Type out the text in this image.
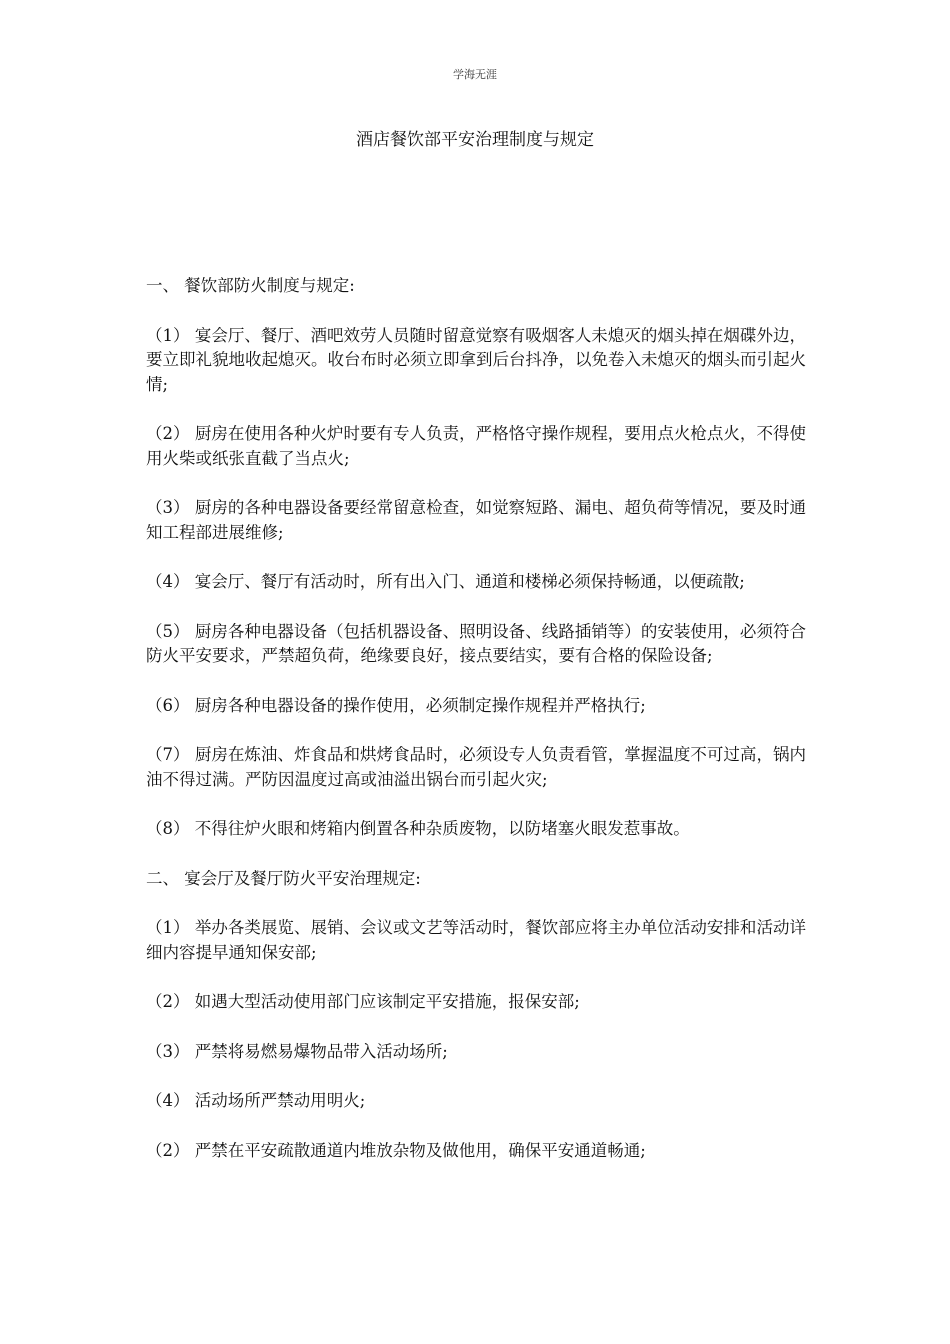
学海无涯
酒店餐饮部平安治理制度与规定

一、 餐饮部防火制度与规定:

（1） 宴会厅、餐厅、酒吧效劳人员随时留意觉察有吸烟客人未熄灭的烟头掉在烟碟外边，要立即礼貌地收起熄灭。收台布时必须立即拿到后台抖净，以免卷入未熄灭的烟头而引起火情;

（2） 厨房在使用各种火炉时要有专人负责，严格恪守操作规程，要用点火枪点火，不得使用火柴或纸张直截了当点火;

（3） 厨房的各种电器设备要经常留意检查，如觉察短路、漏电、超负荷等情况，要及时通知工程部进展维修;

（4） 宴会厅、餐厅有活动时，所有出入门、通道和楼梯必须保持畅通，以便疏散;

（5） 厨房各种电器设备（包括机器设备、照明设备、线路插销等）的安装使用，必须符合防火平安要求，严禁超负荷，绝缘要良好，接点要结实，要有合格的保险设备;

（6） 厨房各种电器设备的操作使用，必须制定操作规程并严格执行;

（7） 厨房在炼油、炸食品和烘烤食品时，必须设专人负责看管，掌握温度不可过高，锅内油不得过满。严防因温度过高或油溢出锅台而引起火灾;

（8） 不得往炉火眼和烤箱内倒置各种杂质废物，以防堵塞火眼发惹事故。

二、 宴会厅及餐厅防火平安治理规定:

（1） 举办各类展览、展销、会议或文艺等活动时，餐饮部应将主办单位活动安排和活动详细内容提早通知保安部;

（2） 如遇大型活动使用部门应该制定平安措施，报保安部;

（3） 严禁将易燃易爆物品带入活动场所;

（4） 活动场所严禁动用明火;

（2） 严禁在平安疏散通道内堆放杂物及做他用，确保平安通道畅通;
